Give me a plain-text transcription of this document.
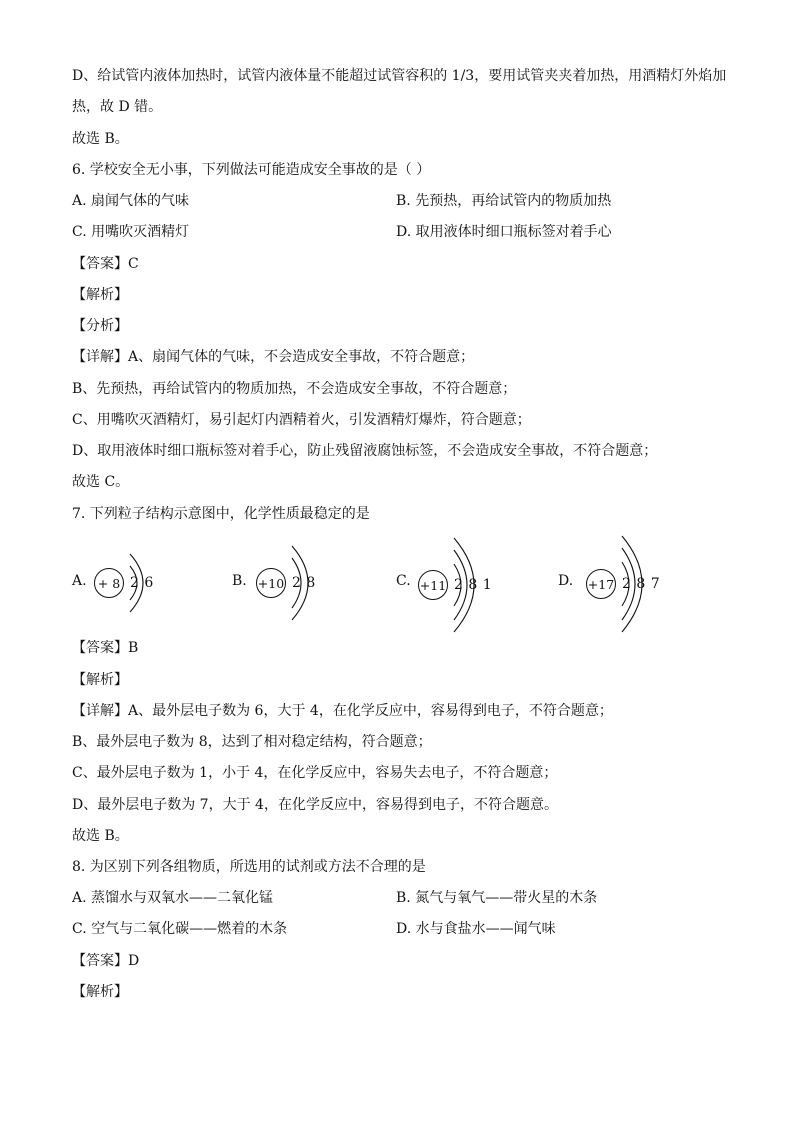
D、给试管内液体加热时，试管内液体量不能超过试管容积的 1/3，要用试管夹夹着加热，用酒精灯外焰加
热，故 D 错。
故选 B。
6. 学校安全无小事，下列做法可能造成安全事故的是（ ）
A. 扇闻气体的气味	B. 先预热，再给试管内的物质加热
C. 用嘴吹灭酒精灯	D. 取用液体时细口瓶标签对着手心
【答案】C
【解析】
【分析】
【详解】A、扇闻气体的气味，不会造成安全事故，不符合题意；
B、先预热，再给试管内的物质加热，不会造成安全事故，不符合题意；
C、用嘴吹灭酒精灯，易引起灯内酒精着火，引发酒精灯爆炸，符合题意；
D、取用液体时细口瓶标签对着手心，防止残留液腐蚀标签，不会造成安全事故，不符合题意；
故选 C。
7. 下列粒子结构示意图中，化学性质最稳定的是
A. + 8 2 6	B. +10 2 8	C. +11 2 8 1	D. +17 2 8 7
【答案】B
【解析】
【详解】A、最外层电子数为 6，大于 4，在化学反应中，容易得到电子，不符合题意；
B、最外层电子数为 8，达到了相对稳定结构，符合题意；
C、最外层电子数为 1，小于 4，在化学反应中，容易失去电子，不符合题意；
D、最外层电子数为 7，大于 4，在化学反应中，容易得到电子，不符合题意。
故选 B。
8. 为区别下列各组物质，所选用的试剂或方法不合理的是
A. 蒸馏水与双氧水——二氧化锰	B. 氮气与氧气——带火星的木条
C. 空气与二氧化碳——燃着的木条	D. 水与食盐水——闻气味
【答案】D
【解析】
